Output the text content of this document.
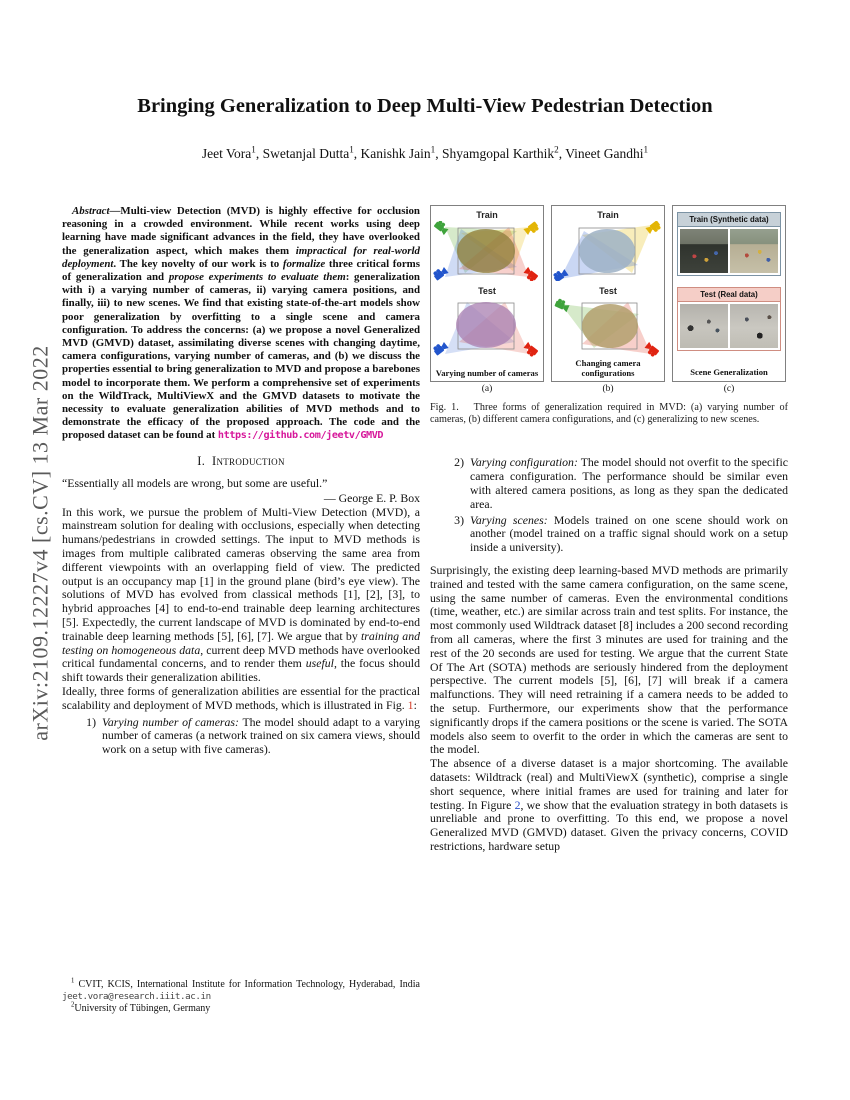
arXiv:2109.12227v4 [cs.CV] 13 Mar 2022
Bringing Generalization to Deep Multi-View Pedestrian Detection
Jeet Vora$^1$, Swetanjal Dutta$^1$, Kanishk Jain$^1$, Shyamgopal Karthik$^2$, Vineet Gandhi$^1$

Abstract—Multi-view Detection (MVD) is highly effective for occlusion reasoning in a crowded environment. While recent works using deep learning have made significant advances in the field, they have overlooked the generalization aspect, which makes them impractical for real-world deployment. The key novelty of our work is to formalize three critical forms of generalization and propose experiments to evaluate them: generalization with i) a varying number of cameras, ii) varying camera positions, and finally, iii) to new scenes. We find that existing state-of-the-art models show poor generalization by overfitting to a single scene and camera configuration. To address the concerns: (a) we propose a novel Generalized MVD (GMVD) dataset, assimilating diverse scenes with changing daytime, camera configurations, varying number of cameras, and (b) we discuss the properties essential to bring generalization to MVD and propose a barebones model to incorporate them. We perform a comprehensive set of experiments on the WildTrack, MultiViewX and the GMVD datasets to motivate the necessity to evaluate generalization abilities of MVD methods and to demonstrate the efficacy of the proposed approach. The code and the proposed dataset can be found at https://github.com/jeetv/GMVD

I.  Introduction

“Essentially all models are wrong, but some are useful.”

— George E. P. Box

In this work, we pursue the problem of Multi-View Detection (MVD), a mainstream solution for dealing with occlusions, especially when detecting humans/pedestrians in crowded settings. The input to MVD methods is images from multiple calibrated cameras observing the same area from different viewpoints with an overlapping field of view. The predicted output is an occupancy map [1] in the ground plane (bird’s eye view). The solutions of MVD has evolved from classical methods [1], [2], [3], to hybrid approaches [4] to end-to-end trainable deep learning architectures [5]. Expectedly, the current landscape of MVD is dominated by end-to-end trainable deep learning methods [5], [6], [7]. We argue that by training and testing on homogeneous data, current deep MVD methods have overlooked critical fundamental concerns, and to render them useful, the focus should shift towards their generalization abilities.

Ideally, three forms of generalization abilities are essential for the practical scalability and deployment of MVD methods, which is illustrated in Fig. 1:

1) Varying number of cameras: The model should adapt to a varying number of cameras (a network trained on six camera views, should work on a setup with five cameras).
Train
Test
Varying number of cameras
Train
Test
Changing camera configurations
Train (Synthetic data)
Test (Real data)
Scene Generalization
(a)	(b)	(c)

Fig. 1.   Three forms of generalization required in MVD: (a) varying number of cameras, (b) different camera configurations, and (c) generalizing to new scenes.

2) Varying configuration: The model should not overfit to the specific camera configuration. The performance should be similar even with altered camera positions, as long as they span the dedicated area.
3) Varying scenes: Models trained on one scene should work on another (model trained on a traffic signal should work on a setup inside a university).

Surprisingly, the existing deep learning-based MVD methods are primarily trained and tested with the same camera configuration, on the same scene, using the same number of cameras. Even the environmental conditions (time, weather, etc.) are similar across train and test splits. For instance, the most commonly used Wildtrack dataset [8] includes a 200 second recording from all cameras, where the first 3 minutes are used for training and the rest of the 20 seconds are used for testing. We argue that the current State Of The Art (SOTA) methods are seriously hindered from the deployment perspective. The current models [5], [6], [7] will break if a camera malfunctions. They will need retraining if a camera needs to be added to the setup. Furthermore, our experiments show that the performance significantly drops if the camera positions or the scene is varied. The SOTA models also seem to overfit to the order in which the cameras are sent to the model.

The absence of a diverse dataset is a major shortcoming. The available datasets: Wildtrack (real) and MultiViewX (synthetic), comprise a single short sequence, where initial frames are used for training and later for testing. In Figure 2, we show that the evaluation strategy in both datasets is unreliable and prone to overfitting. To this end, we propose a novel Generalized MVD (GMVD) dataset. Given the privacy concerns, COVID restrictions, hardware setup

$^1$ CVIT, KCIS, International Institute for Information Technology, Hyderabad, India jeet.vora@research.iiit.ac.in

$^2$University of Tübingen, Germany
